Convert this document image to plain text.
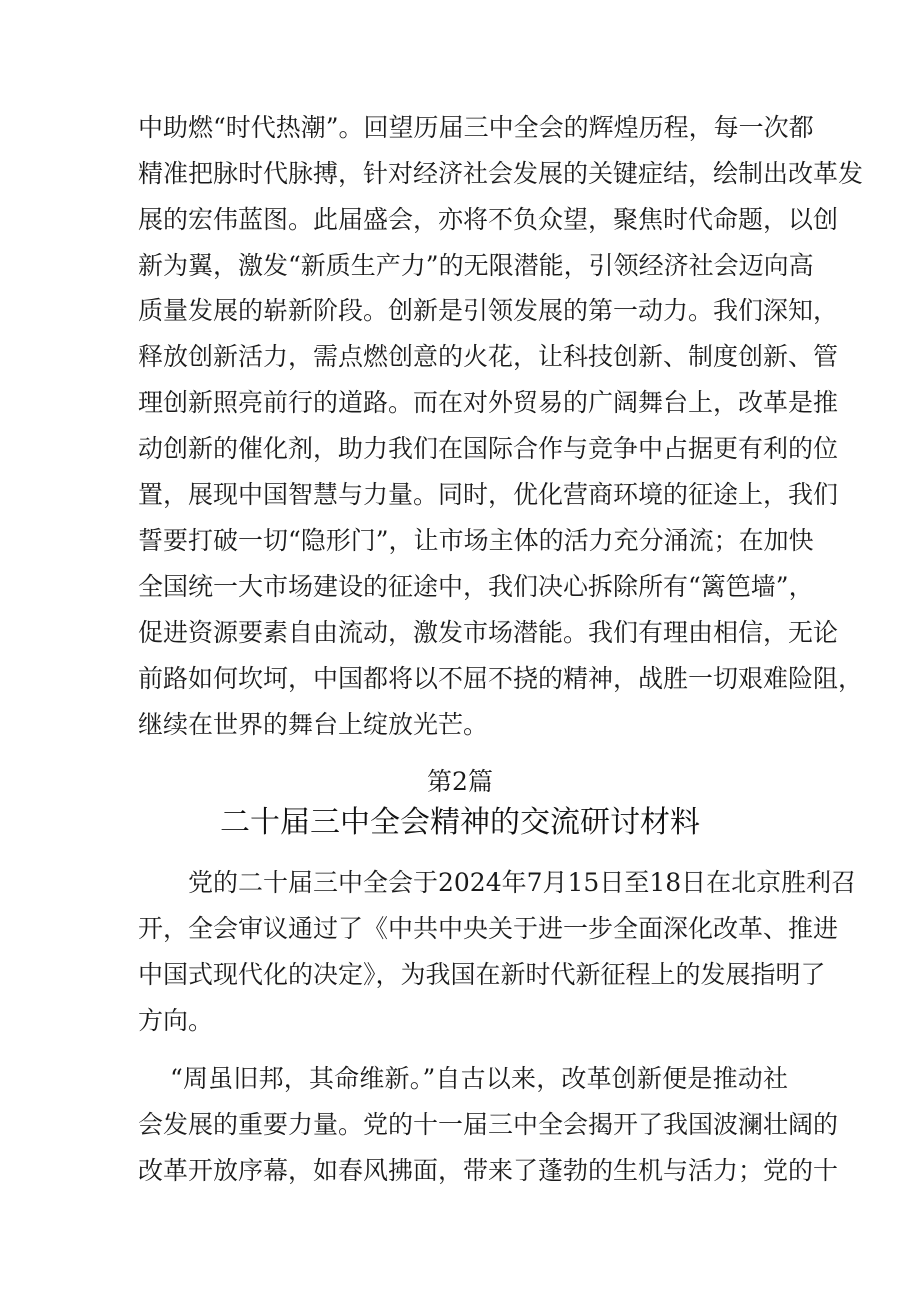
中助燃“时代热潮”。回望历届三中全会的辉煌历程，每一次都
精准把脉时代脉搏，针对经济社会发展的关键症结，绘制出改革发
展的宏伟蓝图。此届盛会，亦将不负众望，聚焦时代命题，以创
新为翼，激发“新质生产力”的无限潜能，引领经济社会迈向高
质量发展的崭新阶段。创新是引领发展的第一动力。我们深知，
释放创新活力，需点燃创意的火花，让科技创新、制度创新、管
理创新照亮前行的道路。而在对外贸易的广阔舞台上，改革是推
动创新的催化剂，助力我们在国际合作与竞争中占据更有利的位
置，展现中国智慧与力量。同时，优化营商环境的征途上，我们
誓要打破一切“隐形门”，让市场主体的活力充分涌流；在加快
全国统一大市场建设的征途中，我们决心拆除所有“篱笆墙”，
促进资源要素自由流动，激发市场潜能。我们有理由相信，无论
前路如何坎坷，中国都将以不屈不挠的精神，战胜一切艰难险阻，
继续在世界的舞台上绽放光芒。
第2篇
二十届三中全会精神的交流研讨材料
党的二十届三中全会于2024年7月15日至18日在北京胜利召
开，全会审议通过了《中共中央关于进一步全面深化改革、推进
中国式现代化的决定》，为我国在新时代新征程上的发展指明了
方向。
“周虽旧邦，其命维新。”自古以来，改革创新便是推动社
会发展的重要力量。党的十一届三中全会揭开了我国波澜壮阔的
改革开放序幕，如春风拂面，带来了蓬勃的生机与活力；党的十
